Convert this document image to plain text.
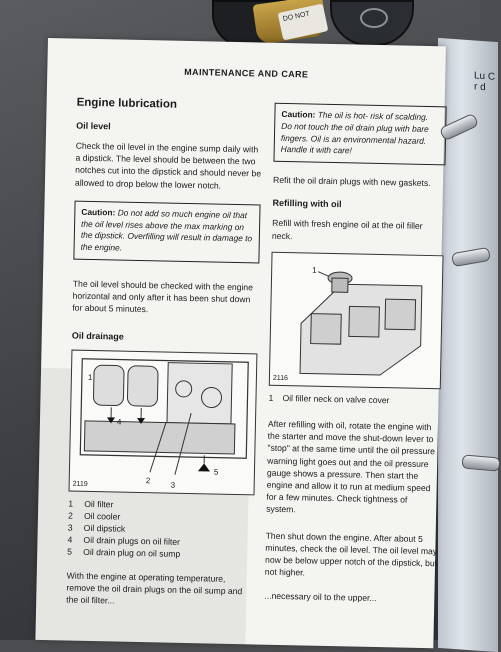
DO NOT
Lu C r d
MAINTENANCE AND CARE
Engine lubrication
Oil level

Check the oil level in the engine sump daily with a dipstick. The level should be between the two notches cut into the dipstick and should never be allowed to drop below the lower notch.

Caution: Do not add so much engine oil that the oil level rises above the max marking on the dipstick. Overfilling will result in damage to the engine.

The oil level should be checked with the engine horizontal and only after it has been shut down for about 5 minutes.

Oil drainage
1
2	3
4
5
2119
1 Oil filter
2 Oil cooler
3 Oil dipstick
4 Oil drain plugs on oil filter
5 Oil drain plug on oil sump

With the engine at operating temperature, remove the oil drain plugs on the oil sump and the oil filter...

Caution: The oil is hot- risk of scalding. Do not touch the oil drain plug with bare fingers. Oil is an environmental hazard. Handle it with care!

Refit the oil drain plugs with new gaskets.

Refilling with oil

Refill with fresh engine oil at the oil filler neck.

1
2116

1 Oil filler neck on valve cover

After refilling with oil, rotate the engine with the starter and move the shut-down lever to "stop" at the same time until the oil pressure warning light goes out and the oil pressure gauge shows a pressure. Then start the engine and allow it to run at medium speed for a few minutes. Check tightness of system.

Then shut down the engine. After about 5 minutes, check the oil level. The oil level may now be below upper notch of the dipstick, but not higher.

...necessary oil to the upper...
